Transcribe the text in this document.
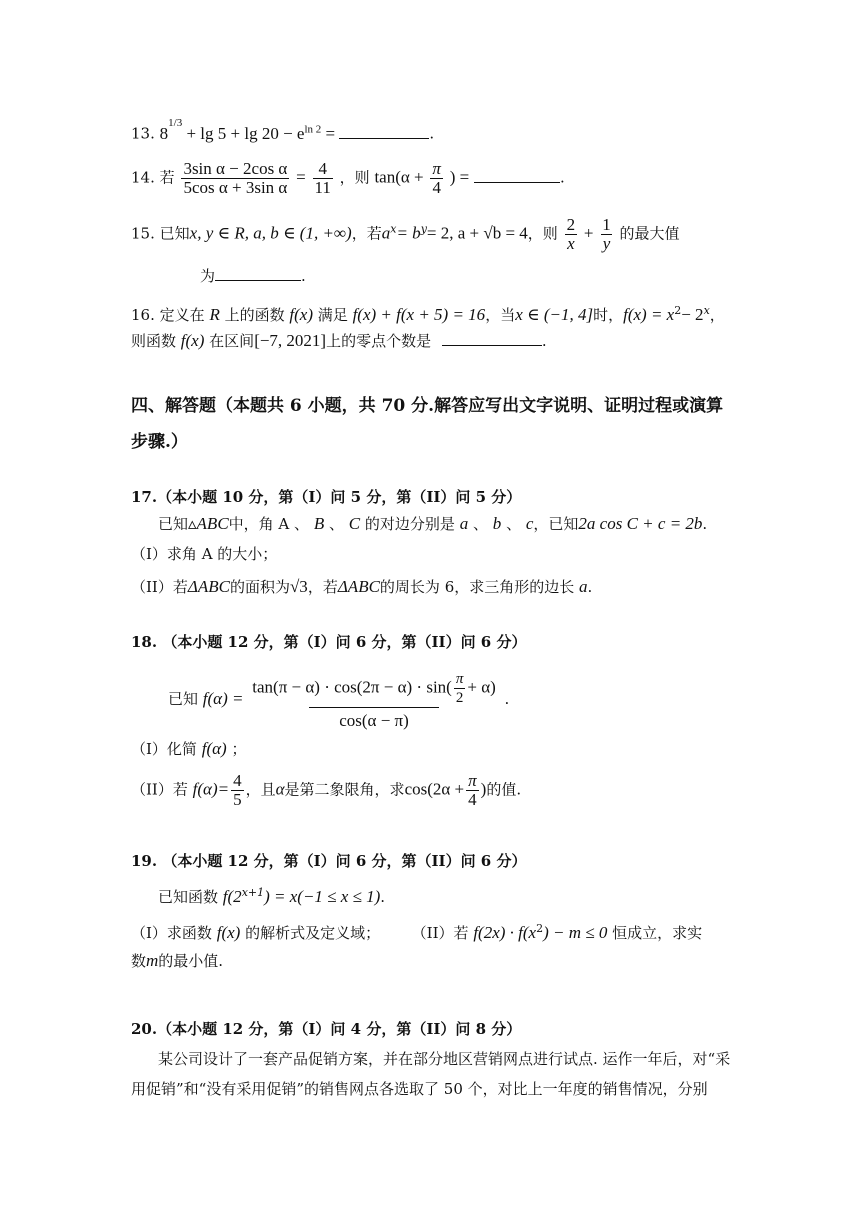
13. $8^{1/3} + \lg 5 + \lg 20 - e^{ln 2}$ =	.
14. 若 $\frac{\text{3sin α − 2cos α}}{\text{5cos α + 3sin α}} = \frac{4}{11}$ ，则 $\tan(\alpha + \frac{\pi}{4}$ ) =	.
15. 已知x, y ∈ R, a, b ∈ (1, +∞)，若$a^x= b^y= 2$, a + √b = 4，则 $\frac{2}{x} + \frac{1}{y}$ 的最大值
为	.
16. 定义在 R 上的函数 f(x) 满足 f(x) + f(x + 5) = 16，当x ∈ (−1, 4]时，$f(x) = x^2- 2^x$，
则函数 f(x) 在区间[−7, 2021]上的零点个数是	.
四、解答题（本题共 6 小题，共 70 分.解答应写出文字说明、证明过程或演算
步骤.）
17.（本小题 10 分，第（I）问 5 分，第（II）问 5 分）
已知▵ABC中，角 A 、 B 、 C 的对边分别是 a 、 b 、 c，已知2a cos C + c = 2b.
（I）求角 A 的大小；
（II）若ΔABC的面积为√3，若ΔABC的周长为 6，求三角形的边长 a.
18. （本小题 12 分，第（I）问 6 分，第（II）问 6 分）
已知 $f(\alpha) = \frac{\tan(\pi - \alpha) \cdot \cos(2\pi - \alpha) \cdot \sin( \frac{\pi}{2} + \alpha)}{\cos(\alpha - \pi)}$ .
（I）化简 f(α) ；
（II）若 $f(\alpha)= \frac{4}{5}$ ，且α是第二象限角，求$\cos(2\alpha + \frac{\pi}{4}$ )的值.
19. （本小题 12 分，第（I）问 6 分，第（II）问 6 分）
已知函数 $f(2^{x+1}) = x(-1 \le x \le 1)$.
（I）求函数 f(x) 的解析式及定义域； （II）若 $f(2x) \cdot f(x^2) - m \le 0$ 恒成立，求实
数m的最小值.
20.（本小题 12 分，第（I）问 4 分，第（II）问 8 分）
某公司设计了一套产品促销方案，并在部分地区营销网点进行试点. 运作一年后，对“采
用促销”和“没有采用促销”的销售网点各选取了 50 个，对比上一年度的销售情况，分别
